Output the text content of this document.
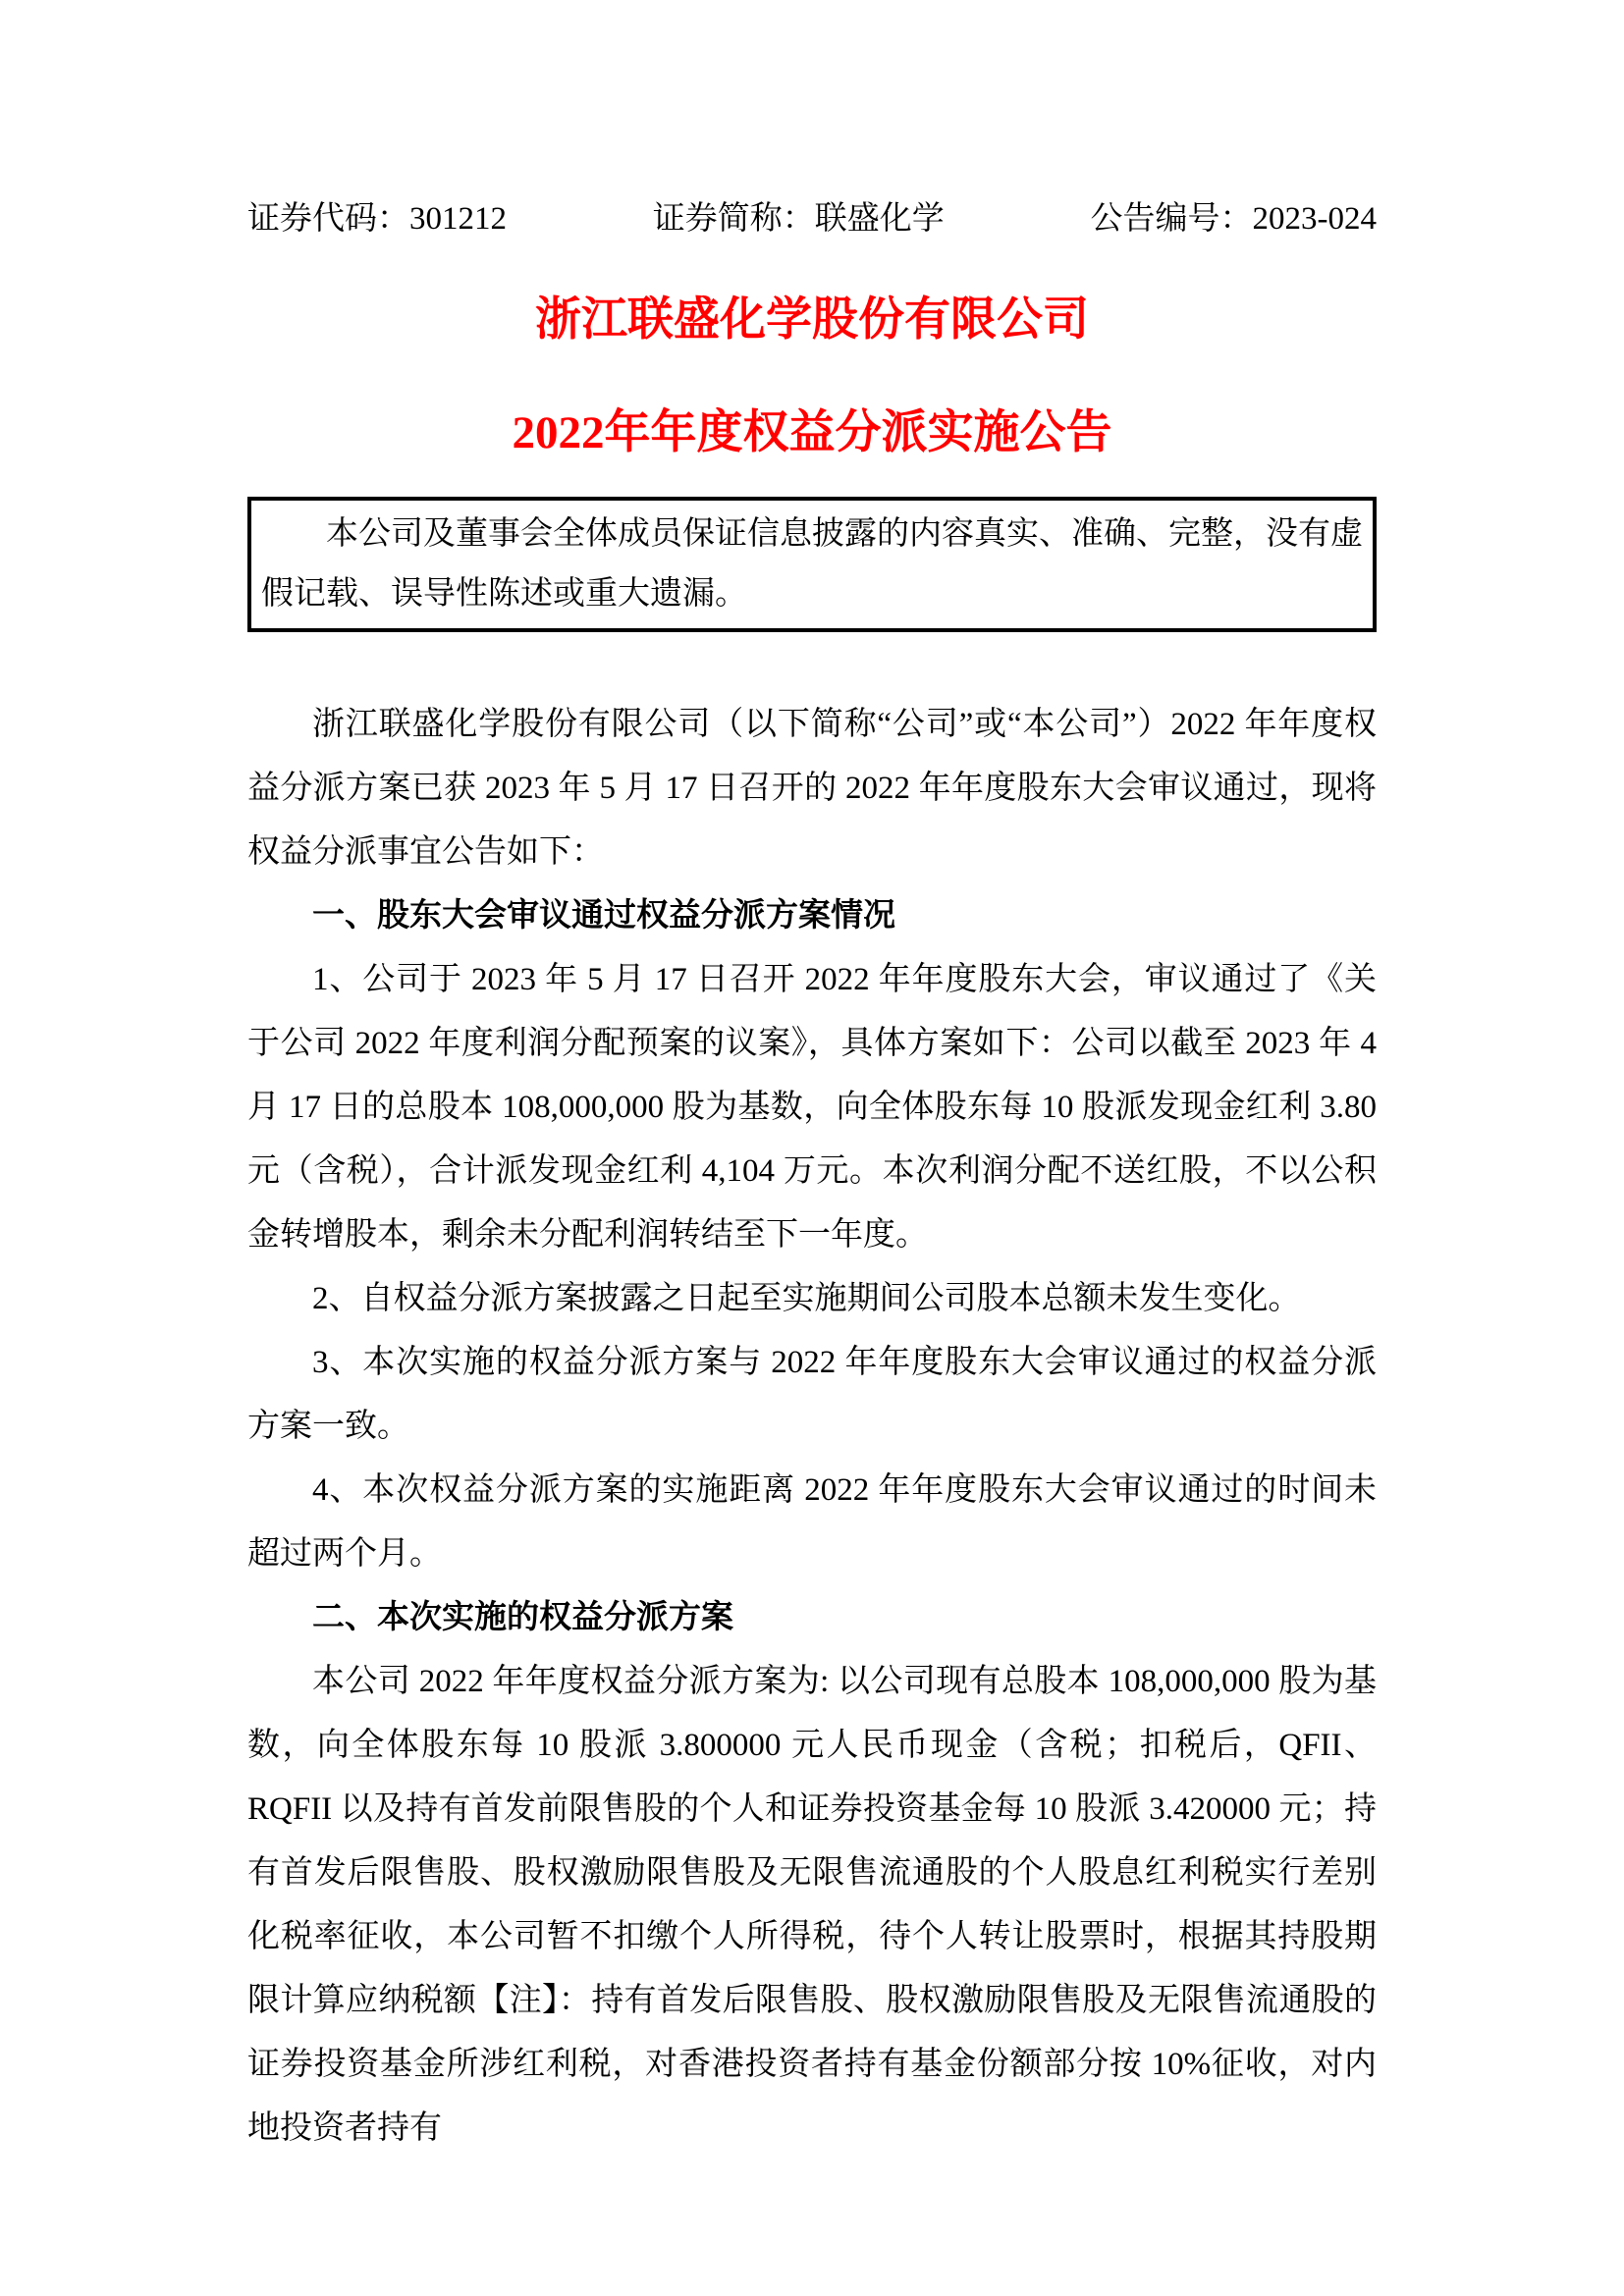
证券代码：301212	证券简称：联盛化学	公告编号：2023-024
浙江联盛化学股份有限公司
2022年年度权益分派实施公告

本公司及董事会全体成员保证信息披露的内容真实、准确、完整，没有虚假记载、误导性陈述或重大遗漏。

浙江联盛化学股份有限公司（以下简称“公司”或“本公司”）2022 年年度权益分派方案已获 2023 年 5 月 17 日召开的 2022 年年度股东大会审议通过，现将权益分派事宜公告如下：

一、股东大会审议通过权益分派方案情况

1、公司于 2023 年 5 月 17 日召开 2022 年年度股东大会，审议通过了《关于公司 2022 年度利润分配预案的议案》，具体方案如下：公司以截至 2023 年 4 月 17 日的总股本 108,000,000 股为基数，向全体股东每 10 股派发现金红利 3.80 元（含税），合计派发现金红利 4,104 万元。本次利润分配不送红股，不以公积金转增股本，剩余未分配利润转结至下一年度。

2、自权益分派方案披露之日起至实施期间公司股本总额未发生变化。

3、本次实施的权益分派方案与 2022 年年度股东大会审议通过的权益分派方案一致。

4、本次权益分派方案的实施距离 2022 年年度股东大会审议通过的时间未超过两个月。

二、本次实施的权益分派方案

本公司 2022 年年度权益分派方案为: 以公司现有总股本 108,000,000 股为基数，向全体股东每 10 股派 3.800000 元人民币现金（含税；扣税后，QFII、RQFII 以及持有首发前限售股的个人和证券投资基金每 10 股派 3.420000 元；持有首发后限售股、股权激励限售股及无限售流通股的个人股息红利税实行差别化税率征收，本公司暂不扣缴个人所得税，待个人转让股票时，根据其持股期限计算应纳税额【注】：持有首发后限售股、股权激励限售股及无限售流通股的证券投资基金所涉红利税，对香港投资者持有基金份额部分按 10%征收，对内地投资者持有
